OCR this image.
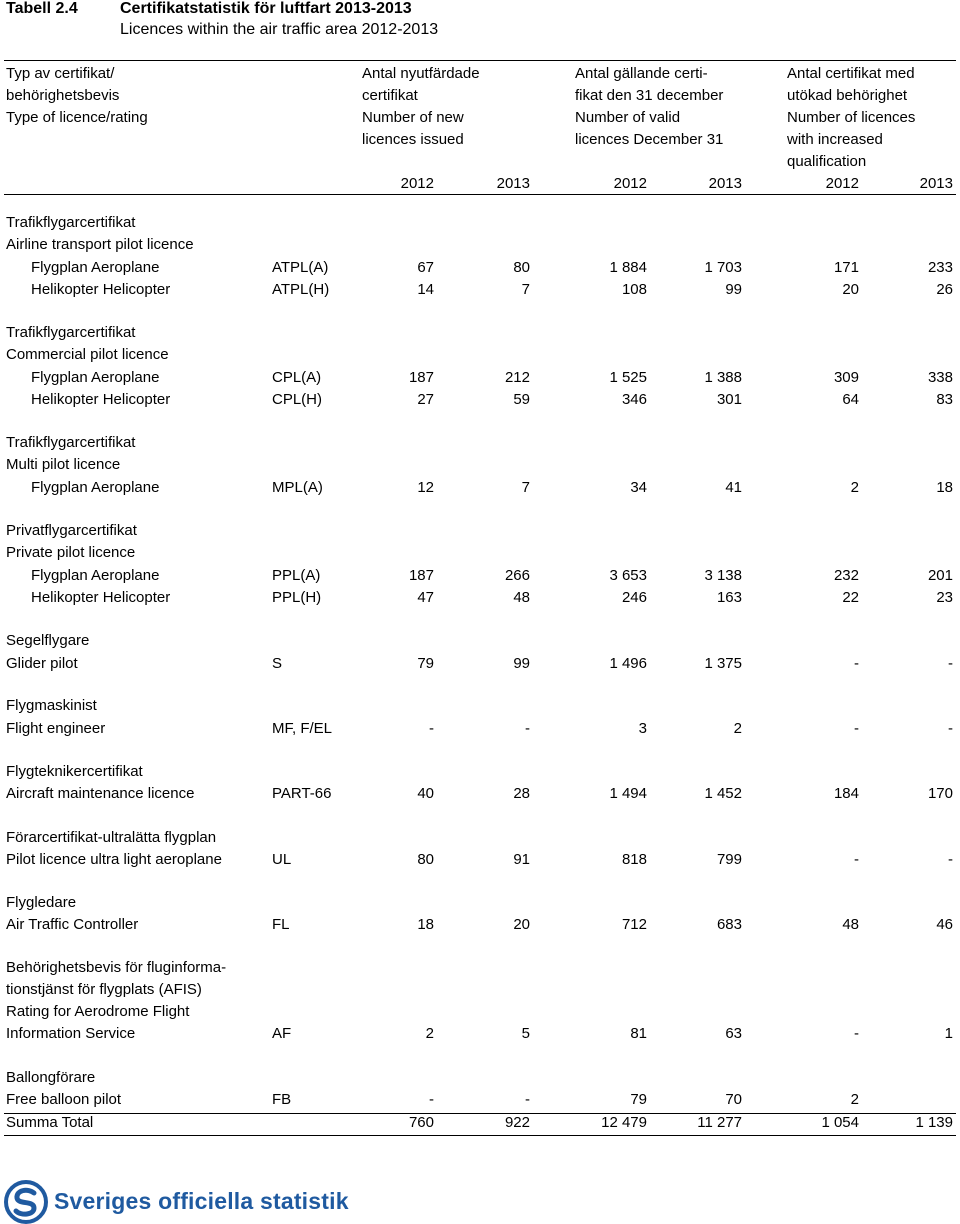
Tabell 2.4	Certifikatstatistik för luftfart 2013-2013
Licences within the air traffic area 2012-2013
Typ av certifikat/
behörighetsbevis
Type of licence/rating
Antal nyutfärdade
certifikat
Number of new
licences issued
Antal gällande certi-
fikat den 31 december
Number of valid
licences December 31
Antal certifikat med
utökad behörighet
Number of licences
with increased
qualification
2012	2013	2012	2013	2012	2013
Trafikflygarcertifikat
Airline transport pilot licence
Flygplan Aeroplane	ATPL(A)	67	80	1 884	1 703	171	233
Helikopter Helicopter	ATPL(H)	14	7	108	99	20	26
Trafikflygarcertifikat
Commercial pilot licence
Flygplan Aeroplane	CPL(A)	187	212	1 525	1 388	309	338
Helikopter Helicopter	CPL(H)	27	59	346	301	64	83
Trafikflygarcertifikat
Multi pilot licence
Flygplan Aeroplane	MPL(A)	12	7	34	41	2	18
Privatflygarcertifikat
Private pilot licence
Flygplan Aeroplane	PPL(A)	187	266	3 653	3 138	232	201
Helikopter Helicopter	PPL(H)	47	48	246	163	22	23
Segelflygare
Glider pilot	S	79	99	1 496	1 375	-	-
Flygmaskinist
Flight engineer	MF, F/EL	-	-	3	2	-	-
Flygteknikercertifikat
Aircraft maintenance licence	PART-66	40	28	1 494	1 452	184	170
Förarcertifikat-ultralätta flygplan
Pilot licence ultra light aeroplane	UL	80	91	818	799	-	-
Flygledare
Air Traffic Controller	FL	18	20	712	683	48	46
Behörighetsbevis för fluginforma-
tionstjänst för flygplats (AFIS)
Rating for Aerodrome Flight
Information Service	AF	2	5	81	63	-	1
Ballongförare
Free balloon pilot	FB	-	-	79	70	2
Summa Total	760	922	12 479	11 277	1 054	1 139
Sveriges officiella statistik
